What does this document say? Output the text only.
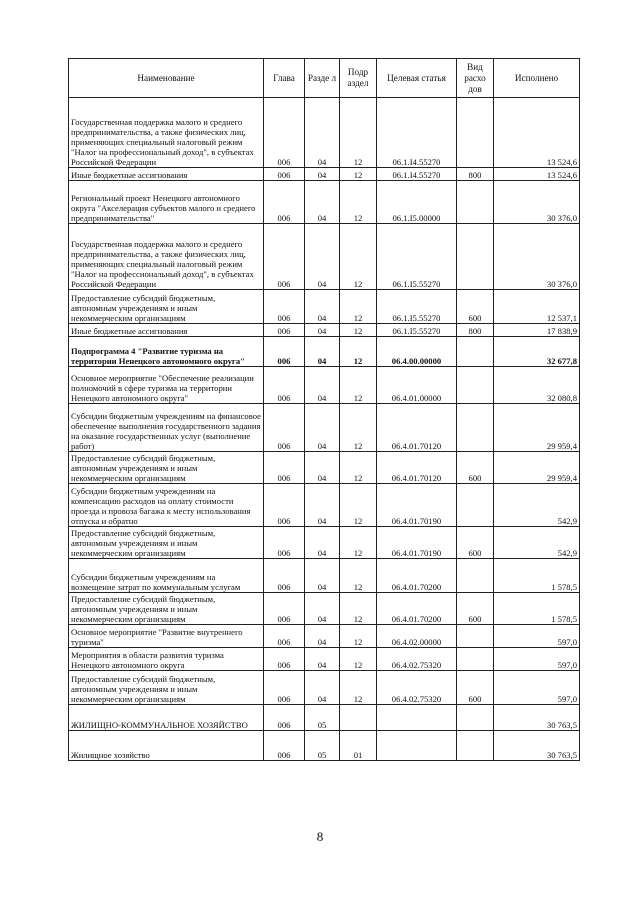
Наименование	Глава	Разде л	Подр аздел	Целевая статья	Вид расхо дов	Исполнено
Государственная поддержка малого и среднего предпринимательства, а также физических лиц, применяющих специальный налоговый режим "Налог на профессиональный доход", в субъектах Российской Федерации	006	04	12	06.1.I4.55270		13 524,6
Иные бюджетные ассигнования	006	04	12	06.1.I4.55270	800	13 524,6
Региональный проект Ненецкого автономного округа "Акселерация субъектов малого и среднего предпринимательства"	006	04	12	06.1.I5.00000		30 376,0
Государственная поддержка малого и среднего предпринимательства, а также физических лиц, применяющих специальный налоговый режим "Налог на профессиональный доход", в субъектах Российской Федерации	006	04	12	06.1.I5.55270		30 376,0
Предоставление субсидий бюджетным, автономным учреждениям и иным некоммерческим организациям	006	04	12	06.1.I5.55270	600	12 537,1
Иные бюджетные ассигнования	006	04	12	06.1.I5.55270	800	17 838,9
Подпрограмма 4 "Развитие туризма на территории Ненецкого автономного округа"	006	04	12	06.4.00.00000		32 677,8
Основное мероприятие "Обеспечение реализации полномочий в сфере туризма на территории Ненецкого автономного округа"	006	04	12	06.4.01.00000		32 080,8
Субсидии бюджетным учреждениям на финансовое обеспечение выполнения государственного задания на оказание государственных услуг (выполнение работ)	006	04	12	06.4.01.70120		29 959,4
Предоставление субсидий бюджетным, автономным учреждениям и иным некоммерческим организациям	006	04	12	06.4.01.70120	600	29 959,4
Субсидии бюджетным учреждениям на компенсацию расходов на оплату стоимости проезда и провоза багажа к месту использования отпуска и обратно	006	04	12	06.4.01.70190		542,9
Предоставление субсидий бюджетным, автономным учреждениям и иным некоммерческим организациям	006	04	12	06.4.01.70190	600	542,9
Субсидии бюджетным учреждениям на возмещение затрат по коммунальным услугам	006	04	12	06.4.01.70200		1 578,5
Предоставление субсидий бюджетным, автономным учреждениям и иным некоммерческим организациям	006	04	12	06.4.01.70200	600	1 578,5
Основное мероприятие "Развитие внутреннего туризма"	006	04	12	06.4.02.00000		597,0
Мероприятия в области развития туризма Ненецкого автономного округа	006	04	12	06.4.02.75320		597,0
Предоставление субсидий бюджетным, автономным учреждениям и иным некоммерческим организациям	006	04	12	06.4.02.75320	600	597,0
ЖИЛИЩНО-КОММУНАЛЬНОЕ ХОЗЯЙСТВО	006	05				30 763,5
Жилищное хозяйство	006	05	01			30 763,5
8
